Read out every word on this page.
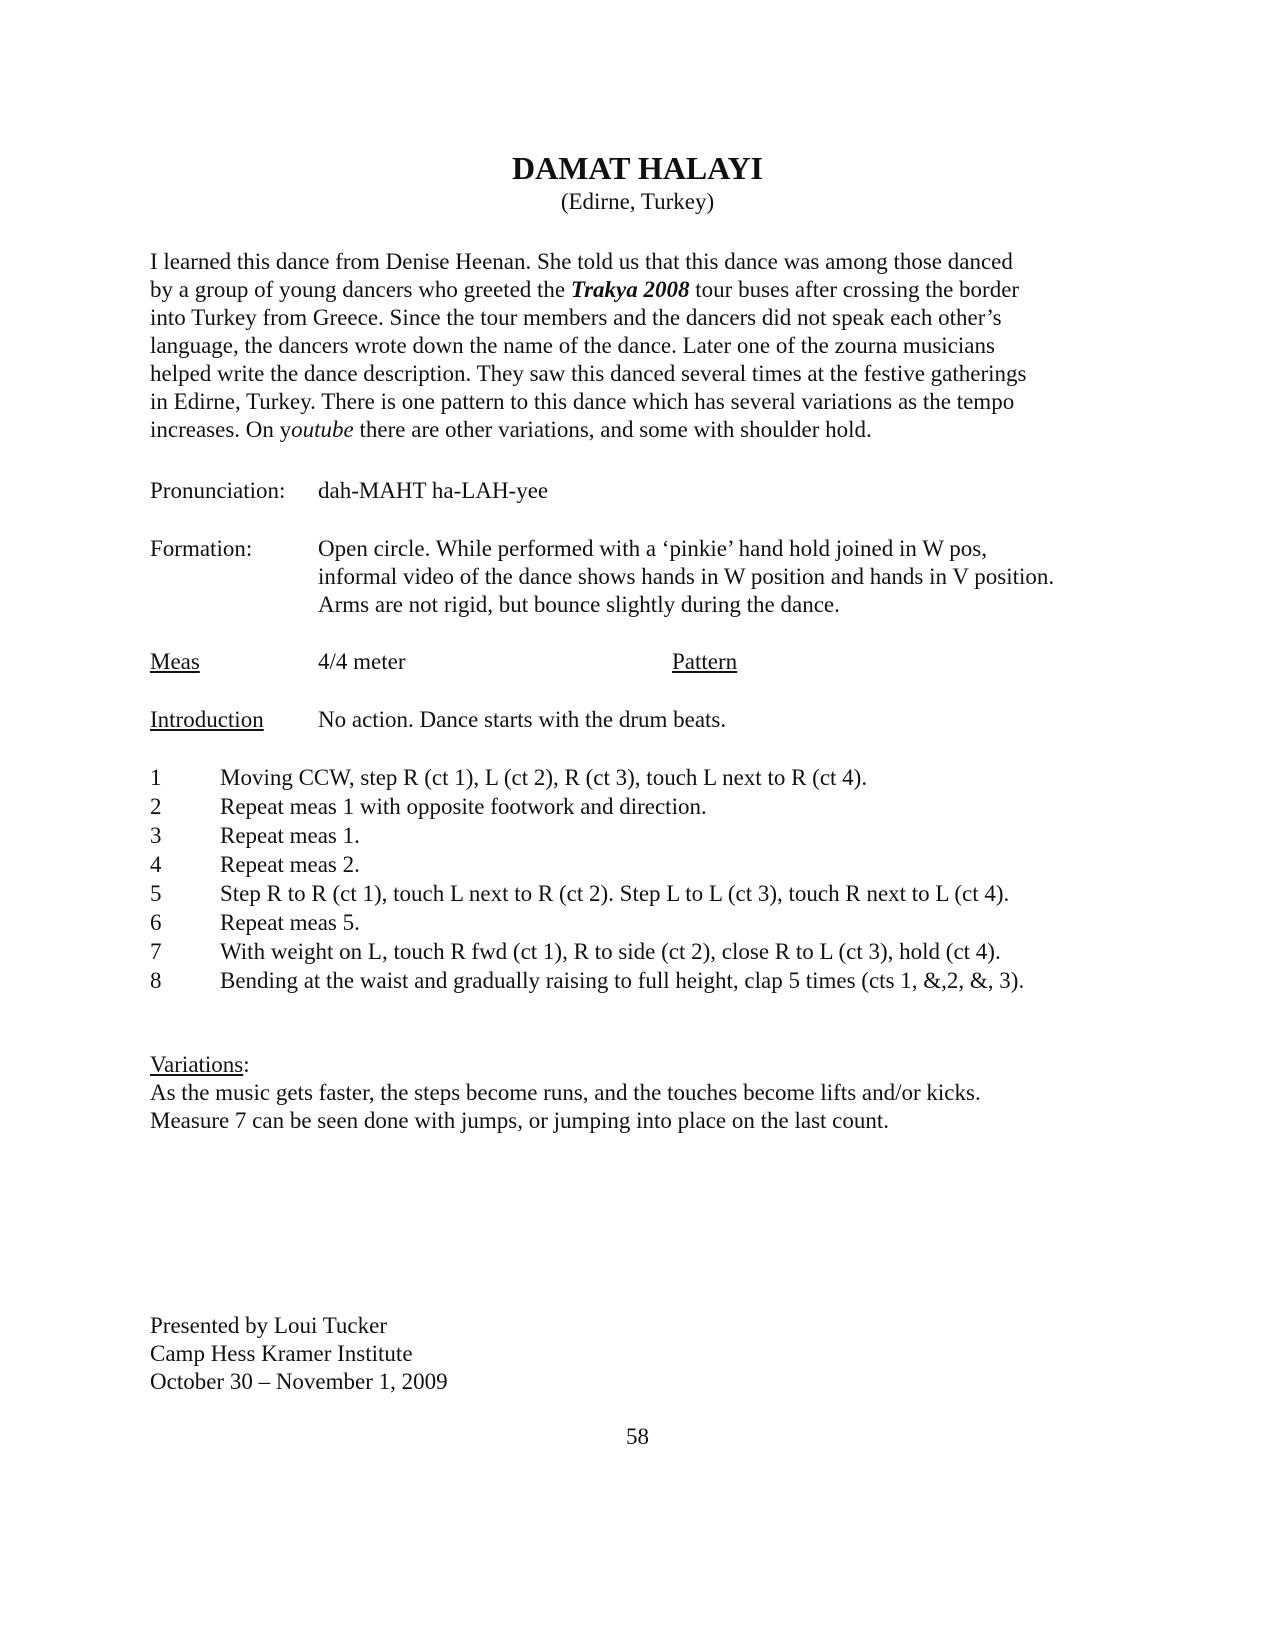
DAMAT HALAYI
(Edirne, Turkey)

I learned this dance from Denise Heenan. She told us that this dance was among those danced

by a group of young dancers who greeted the Trakya 2008 tour buses after crossing the border

into Turkey from Greece. Since the tour members and the dancers did not speak each other’s

language, the dancers wrote down the name of the dance. Later one of the zourna musicians

helped write the dance description. They saw this danced several times at the festive gatherings

in Edirne, Turkey. There is one pattern to this dance which has several variations as the tempo

increases. On youtube there are other variations, and some with shoulder hold.

Pronunciation: dah-MAHT ha-LAH-yee
Formation:	Open circle. While performed with a ‘pinkie’ hand hold joined in W pos,

informal video of the dance shows hands in W position and hands in V position.

Arms are not rigid, but bounce slightly during the dance.

Meas	4/4 meter	Pattern
Introduction No action. Dance starts with the drum beats.
1	Moving CCW, step R (ct 1), L (ct 2), R (ct 3), touch L next to R (ct 4).
2	Repeat meas 1 with opposite footwork and direction.
3	Repeat meas 1.
4	Repeat meas 2.
5	Step R to R (ct 1), touch L next to R (ct 2). Step L to L (ct 3), touch R next to L (ct 4).
6	Repeat meas 5.
7	With weight on L, touch R fwd (ct 1), R to side (ct 2), close R to L (ct 3), hold (ct 4).
8	Bending at the waist and gradually raising to full height, clap 5 times (cts 1, &,2, &, 3).

Variations:

As the music gets faster, the steps become runs, and the touches become lifts and/or kicks.

Measure 7 can be seen done with jumps, or jumping into place on the last count.

Presented by Loui Tucker

Camp Hess Kramer Institute

October 30 – November 1, 2009

58
